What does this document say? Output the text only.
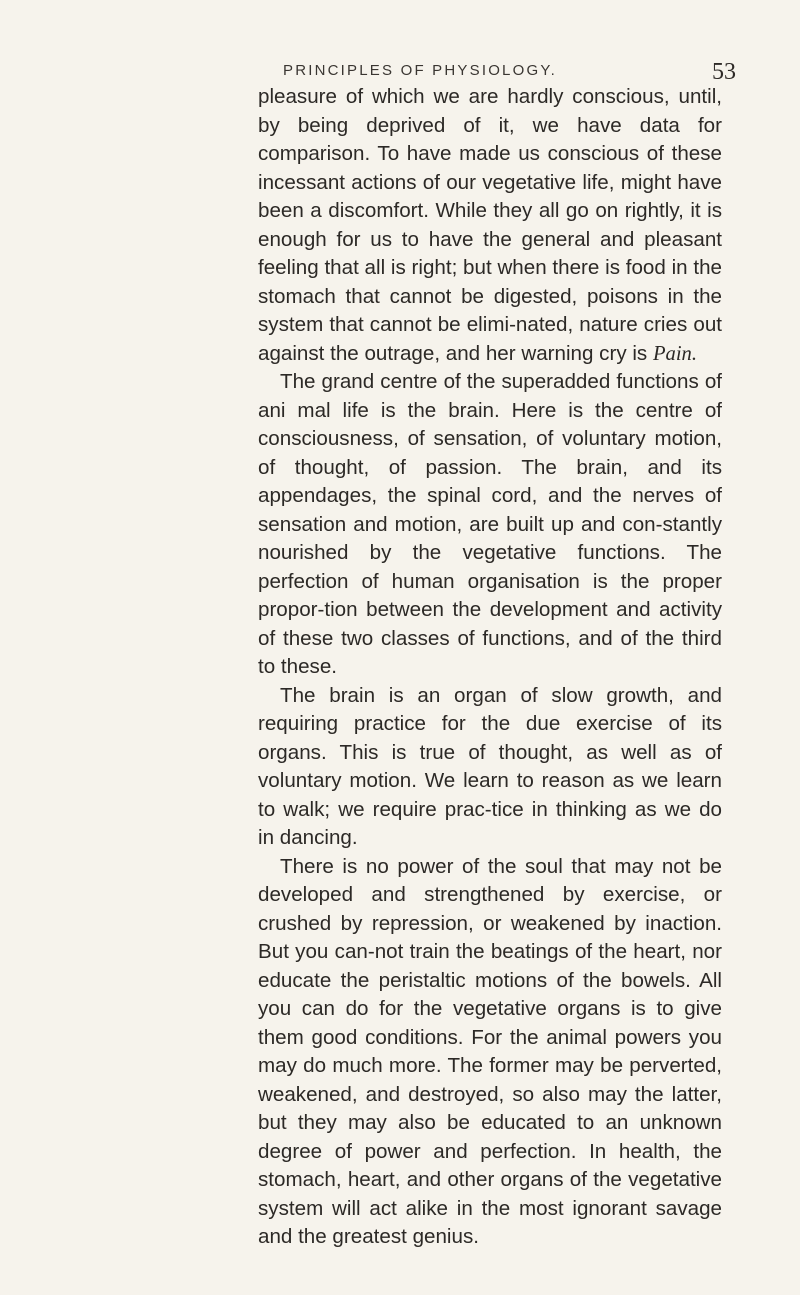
PRINCIPLES OF PHYSIOLOGY.	53

pleasure of which we are hardly conscious, until, by being deprived of it, we have data for comparison. To have made us conscious of these incessant actions of our vegetative life, might have been a discomfort. While they all go on rightly, it is enough for us to have the general and pleasant feeling that all is right; but when there is food in the stomach that cannot be digested, poisons in the system that cannot be elimi-nated, nature cries out against the outrage, and her warning cry is Pain.

The grand centre of the superadded functions of ani mal life is the brain. Here is the centre of consciousness, of sensation, of voluntary motion, of thought, of passion. The brain, and its appendages, the spinal cord, and the nerves of sensation and motion, are built up and con-stantly nourished by the vegetative functions. The perfection of human organisation is the proper propor-tion between the development and activity of these two classes of functions, and of the third to these.

The brain is an organ of slow growth, and requiring practice for the due exercise of its organs. This is true of thought, as well as of voluntary motion. We learn to reason as we learn to walk; we require prac-tice in thinking as we do in dancing.

There is no power of the soul that may not be developed and strengthened by exercise, or crushed by repression, or weakened by inaction. But you can-not train the beatings of the heart, nor educate the peristaltic motions of the bowels. All you can do for the vegetative organs is to give them good conditions. For the animal powers you may do much more. The former may be perverted, weakened, and destroyed, so also may the latter, but they may also be educated to an unknown degree of power and perfection. In health, the stomach, heart, and other organs of the vegetative system will act alike in the most ignorant savage and the greatest genius.
